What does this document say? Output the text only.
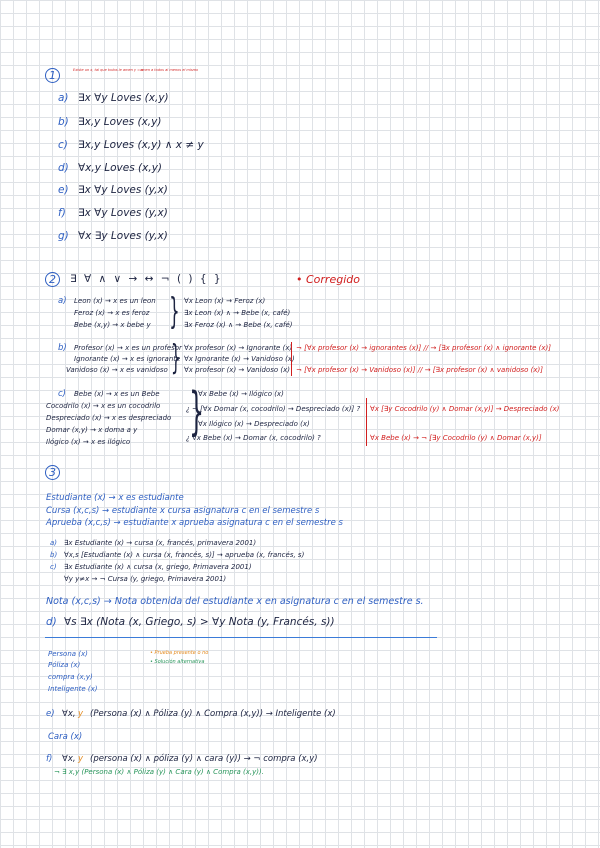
1	Existe un x, tal que todos le amen y = x
amen a todos al menos el mismo
a) ∃x ∀y Loves (x,y)
b) ∃x,y Loves (x,y)
c) ∃x,y Loves (x,y) ∧ x ≠ y
d) ∀x,y Loves (x,y)
e) ∃x ∀y Loves (y,x)
f) ∃x ∀y Loves (y,x)
g) ∀x ∃y Loves (y,x)
2	∃ ∀ ∧ ∨ → ↔ ¬ ( ) { }	• Corregido
a) Leon (x) → x es un leon
Feroz (x) → x es feroz
Bebe (x,y) → x bebe y } ∀x Leon (x) → Feroz (x)
∃x Leon (x) ∧ → Bebe (x, café)
∃x Feroz (x) ∧ → Bebe (x, café)
b) Profesor (x) → x es un profesor
Ignorante (x) → x es ignorante
Vanidoso (x) → x es vanidoso } ∀x profesor (x) → Ignorante (x)
∀x Ignorante (x) → Vanidoso (x)
∀x profesor (x) → Vanidoso (x)
¬ [∀x profesor (x) → ignorantes (x)] // → [∃x profesor (x) ∧ ignorante (x)]
¬ [∀x profesor (x) → Vanidoso (x)] // → [∃x profesor (x) ∧ vanidoso (x)]
c) Bebe (x) → x es un Bebe
Cocodrilo (x) → x es un cocodrilo
Despreciado (x) → x es despreciado
Domar (x,y) → x doma a y
Ilógico (x) → x es ilógico }
∀x Bebe (x) → Ilógico (x)
¿ ¬ [∀x Domar (x, cocodrilo) → Despreciado (x)] ?
∀x Ilógico (x) → Despreciado (x)
¿ ∀x Bebe (x) → Domar (x, cocodrilo) ?
∀x [∃y Cocodrilo (y) ∧ Domar (x,y)] → Despreciado (x)
∀x Bebe (x) → ¬ [∃y Cocodrilo (y) ∧ Domar (x,y)]
3
Estudiante (x) → x es estudiante
Cursa (x,c,s) → estudiante x cursa asignatura c en el semestre s
Aprueba (x,c,s) → estudiante x aprueba asignatura c en el semestre s
a) ∃x Estudiante (x) → cursa (x, francés, primavera 2001)
b) ∀x,s [Estudiante (x) ∧ cursa (x, francés, s)] → aprueba (x, francés, s)
c) ∃x Estudiante (x) ∧ cursa (x, griego, Primavera 2001)
∀y y≠x → ¬ Cursa (y, griego, Primavera 2001)
Nota (x,c,s) → Nota obtenida del estudiante x en asignatura c en el semestre s.
d) ∀s ∃x (Nota (x, Griego, s) > ∀y Nota (y, Francés, s))
Persona (x)
Póliza (x)
compra (x,y)
Inteligente (x)
• Prueba presente o no
• Solución alternativa
e) ∀x, y (Persona (x) ∧ Póliza (y) ∧ Compra (x,y)) → Inteligente (x)
Cara (x)
f) ∀x, y (persona (x) ∧ póliza (y) ∧ cara (y)) → ¬ compra (x,y)
¬ ∃ x,y (Persona (x) ∧ Póliza (y) ∧ Cara (y) ∧ Compra (x,y)).
